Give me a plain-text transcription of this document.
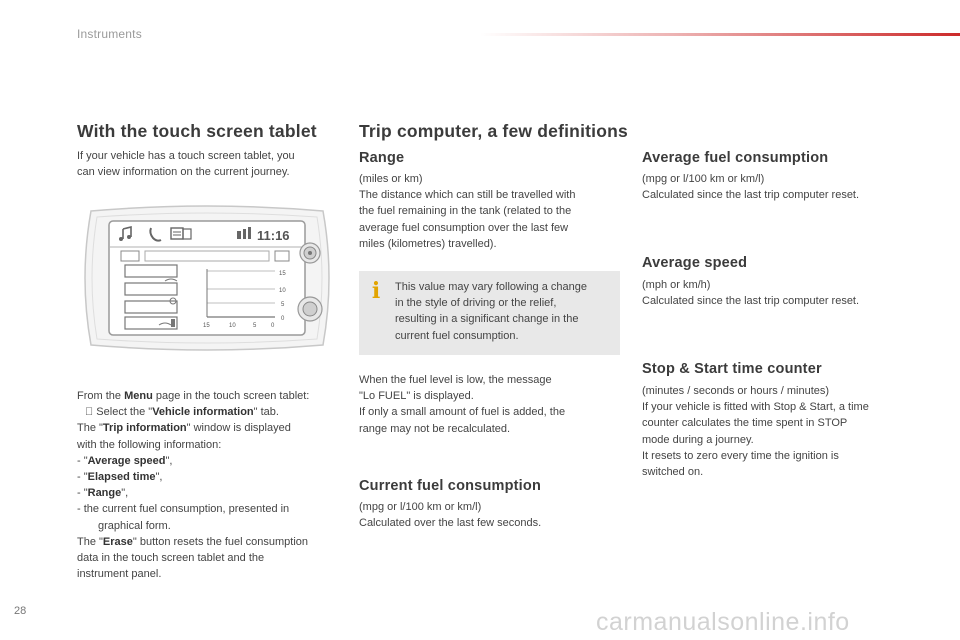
Instruments
With the touch screen tablet

If your vehicle has a touch screen tablet, you

can view information on the current journey.

11:16
15
10
5
0
15	10	5 0

From the Menu page in the touch screen tablet:

Select the "Vehicle information" tab.

The "Trip information" window is displayed

with the following information:

- "Average speed",

- "Elapsed time",

- "Range",

- the current fuel consumption, presented in

graphical form.

The "Erase" button resets the fuel consumption

data in the touch screen tablet and the

instrument panel.

Trip computer, a few definitions
Range

(miles or km)

The distance which can still be travelled with

the fuel remaining in the tank (related to the

average fuel consumption over the last few

miles (kilometres) travelled).

i This value may vary following a change

in the style of driving or the relief,

resulting in a significant change in the

current fuel consumption.

When the fuel level is low, the message

"Lo FUEL" is displayed.

If only a small amount of fuel is added, the

range may not be recalculated.

Current fuel consumption

(mpg or l/100 km or km/l)

Calculated over the last few seconds.

Average fuel consumption

(mpg or l/100 km or km/l)

Calculated since the last trip computer reset.

Average speed

(mph or km/h)

Calculated since the last trip computer reset.

Stop & Start time counter

(minutes / seconds or hours / minutes)

If your vehicle is fitted with Stop & Start, a time

counter calculates the time spent in STOP

mode during a journey.

It resets to zero every time the ignition is

switched on.

28	carmanualsonline.info
